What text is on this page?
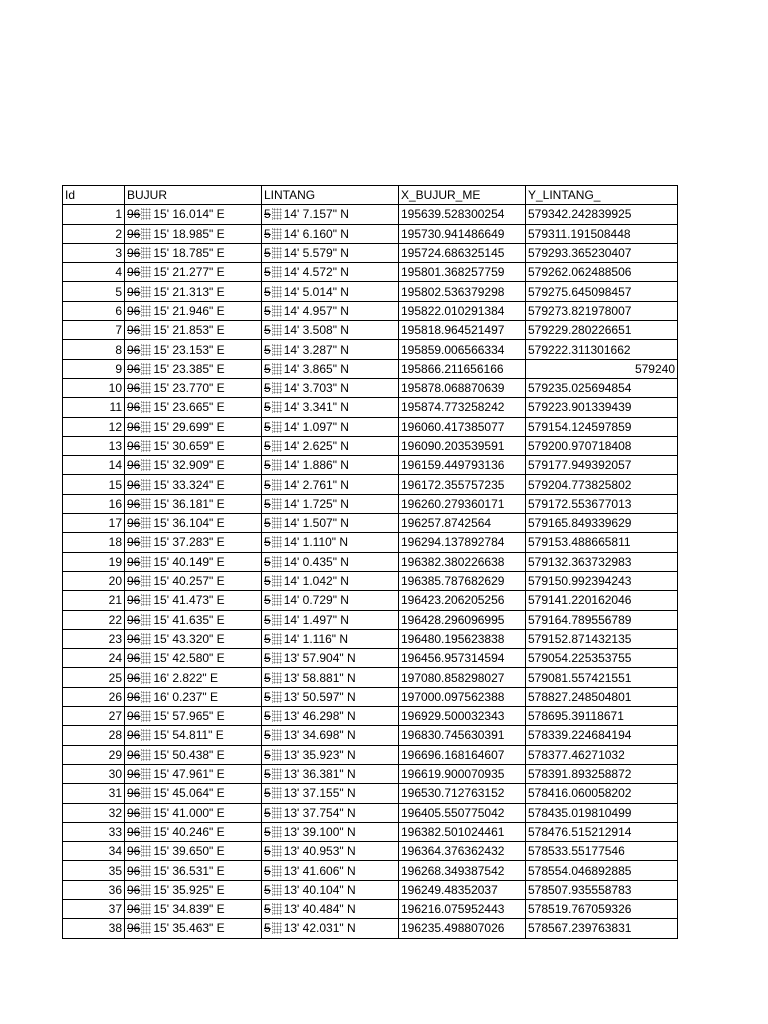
Id	BUJUR	LINTANG	X_BUJUR_ME	Y_LINTANG_
1	96 15' 16.014" E	5 14' 7.157" N	195639.528300254	579342.242839925
2	96 15' 18.985" E	5 14' 6.160" N	195730.941486649	579311.191508448
3	96 15' 18.785" E	5 14' 5.579" N	195724.686325145	579293.365230407
4	96 15' 21.277" E	5 14' 4.572" N	195801.368257759	579262.062488506
5	96 15' 21.313" E	5 14' 5.014" N	195802.536379298	579275.645098457
6	96 15' 21.946" E	5 14' 4.957" N	195822.010291384	579273.821978007
7	96 15' 21.853" E	5 14' 3.508" N	195818.964521497	579229.280226651
8	96 15' 23.153" E	5 14' 3.287" N	195859.006566334	579222.311301662
9	96 15' 23.385" E	5 14' 3.865" N	195866.211656166	579240
10	96 15' 23.770" E	5 14' 3.703" N	195878.068870639	579235.025694854
11	96 15' 23.665" E	5 14' 3.341" N	195874.773258242	579223.901339439
12	96 15' 29.699" E	5 14' 1.097" N	196060.417385077	579154.124597859
13	96 15' 30.659" E	5 14' 2.625" N	196090.203539591	579200.970718408
14	96 15' 32.909" E	5 14' 1.886" N	196159.449793136	579177.949392057
15	96 15' 33.324" E	5 14' 2.761" N	196172.355757235	579204.773825802
16	96 15' 36.181" E	5 14' 1.725" N	196260.279360171	579172.553677013
17	96 15' 36.104" E	5 14' 1.507" N	196257.8742564	579165.849339629
18	96 15' 37.283" E	5 14' 1.110" N	196294.137892784	579153.488665811
19	96 15' 40.149" E	5 14' 0.435" N	196382.380226638	579132.363732983
20	96 15' 40.257" E	5 14' 1.042" N	196385.787682629	579150.992394243
21	96 15' 41.473" E	5 14' 0.729" N	196423.206205256	579141.220162046
22	96 15' 41.635" E	5 14' 1.497" N	196428.296096995	579164.789556789
23	96 15' 43.320" E	5 14' 1.116" N	196480.195623838	579152.871432135
24	96 15' 42.580" E	5 13' 57.904" N	196456.957314594	579054.225353755
25	96 16' 2.822" E	5 13' 58.881" N	197080.858298027	579081.557421551
26	96 16' 0.237" E	5 13' 50.597" N	197000.097562388	578827.248504801
27	96 15' 57.965" E	5 13' 46.298" N	196929.500032343	578695.39118671
28	96 15' 54.811" E	5 13' 34.698" N	196830.745630391	578339.224684194
29	96 15' 50.438" E	5 13' 35.923" N	196696.168164607	578377.46271032
30	96 15' 47.961" E	5 13' 36.381" N	196619.900070935	578391.893258872
31	96 15' 45.064" E	5 13' 37.155" N	196530.712763152	578416.060058202
32	96 15' 41.000" E	5 13' 37.754" N	196405.550775042	578435.019810499
33	96 15' 40.246" E	5 13' 39.100" N	196382.501024461	578476.515212914
34	96 15' 39.650" E	5 13' 40.953" N	196364.376362432	578533.55177546
35	96 15' 36.531" E	5 13' 41.606" N	196268.349387542	578554.046892885
36	96 15' 35.925" E	5 13' 40.104" N	196249.48352037	578507.935558783
37	96 15' 34.839" E	5 13' 40.484" N	196216.075952443	578519.767059326
38	96 15' 35.463" E	5 13' 42.031" N	196235.498807026	578567.239763831
